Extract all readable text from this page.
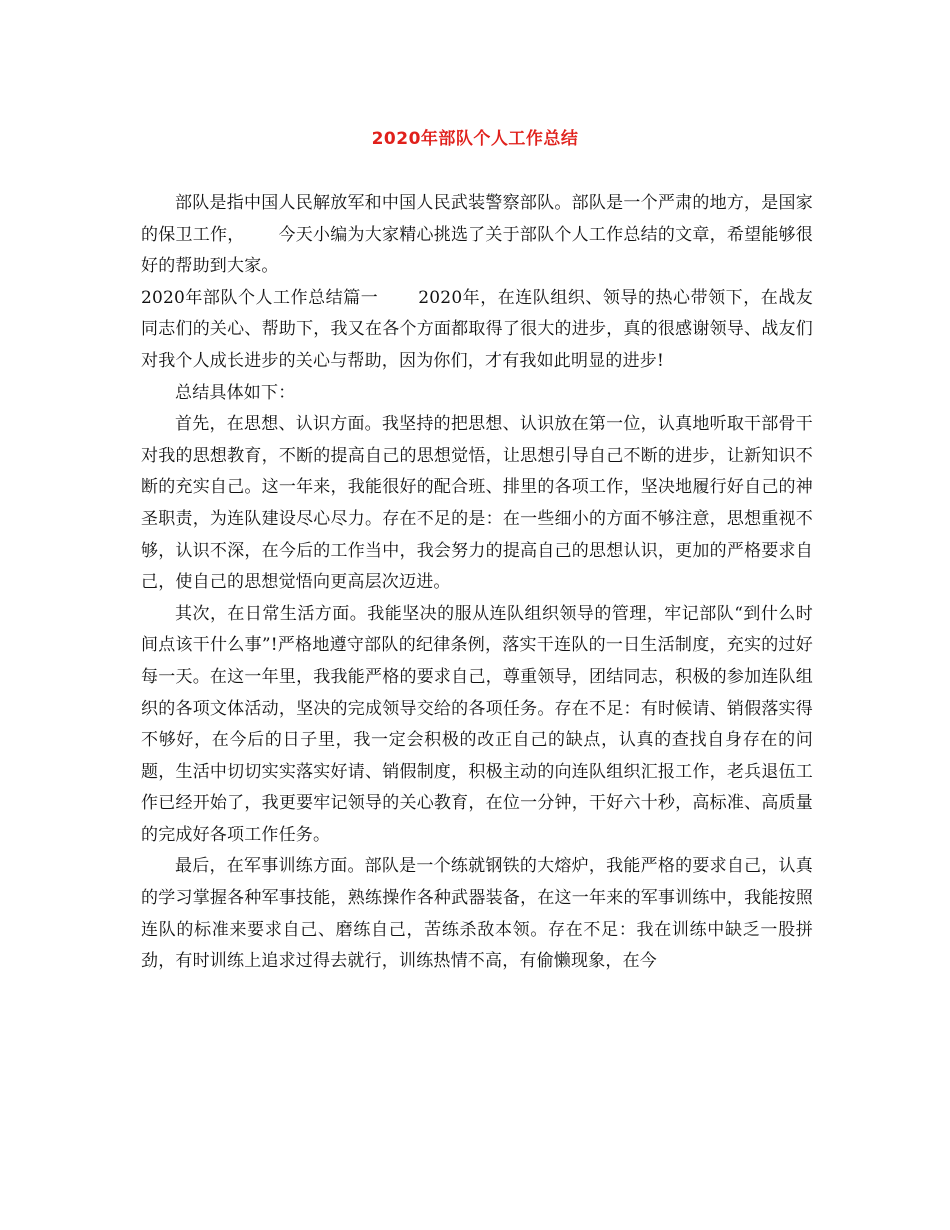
2020年部队个人工作总结

部队是指中国人民解放军和中国人民武装警察部队。部队是一个严肃的地方，是国家的保卫工作， 今天小编为大家精心挑选了关于部队个人工作总结的文章，希望能够很好的帮助到大家。

2020年部队个人工作总结篇一 2020年，在连队组织、领导的热心带领下，在战友同志们的关心、帮助下，我又在各个方面都取得了很大的进步，真的很感谢领导、战友们对我个人成长进步的关心与帮助，因为你们，才有我如此明显的进步!

总结具体如下：

首先，在思想、认识方面。我坚持的把思想、认识放在第一位，认真地听取干部骨干对我的思想教育，不断的提高自己的思想觉悟，让思想引导自己不断的进步，让新知识不断的充实自己。这一年来，我能很好的配合班、排里的各项工作，坚决地履行好自己的神圣职责，为连队建设尽心尽力。存在不足的是：在一些细小的方面不够注意，思想重视不够，认识不深，在今后的工作当中，我会努力的提高自己的思想认识，更加的严格要求自己，使自己的思想觉悟向更高层次迈进。

其次，在日常生活方面。我能坚决的服从连队组织领导的管理，牢记部队“到什么时间点该干什么事”!严格地遵守部队的纪律条例，落实干连队的一日生活制度，充实的过好每一天。在这一年里，我我能严格的要求自己，尊重领导，团结同志，积极的参加连队组织的各项文体活动，坚决的完成领导交给的各项任务。存在不足：有时候请、销假落实得不够好，在今后的日子里，我一定会积极的改正自己的缺点，认真的查找自身存在的问题，生活中切切实实落实好请、销假制度，积极主动的向连队组织汇报工作，老兵退伍工作已经开始了，我更要牢记领导的关心教育，在位一分钟，干好六十秒，高标准、高质量的完成好各项工作任务。

最后，在军事训练方面。部队是一个练就钢铁的大熔炉，我能严格的要求自己，认真的学习掌握各种军事技能，熟练操作各种武器装备，在这一年来的军事训练中，我能按照连队的标准来要求自己、磨练自己，苦练杀敌本领。存在不足：我在训练中缺乏一股拼劲，有时训练上追求过得去就行，训练热情不高，有偷懒现象，在今
